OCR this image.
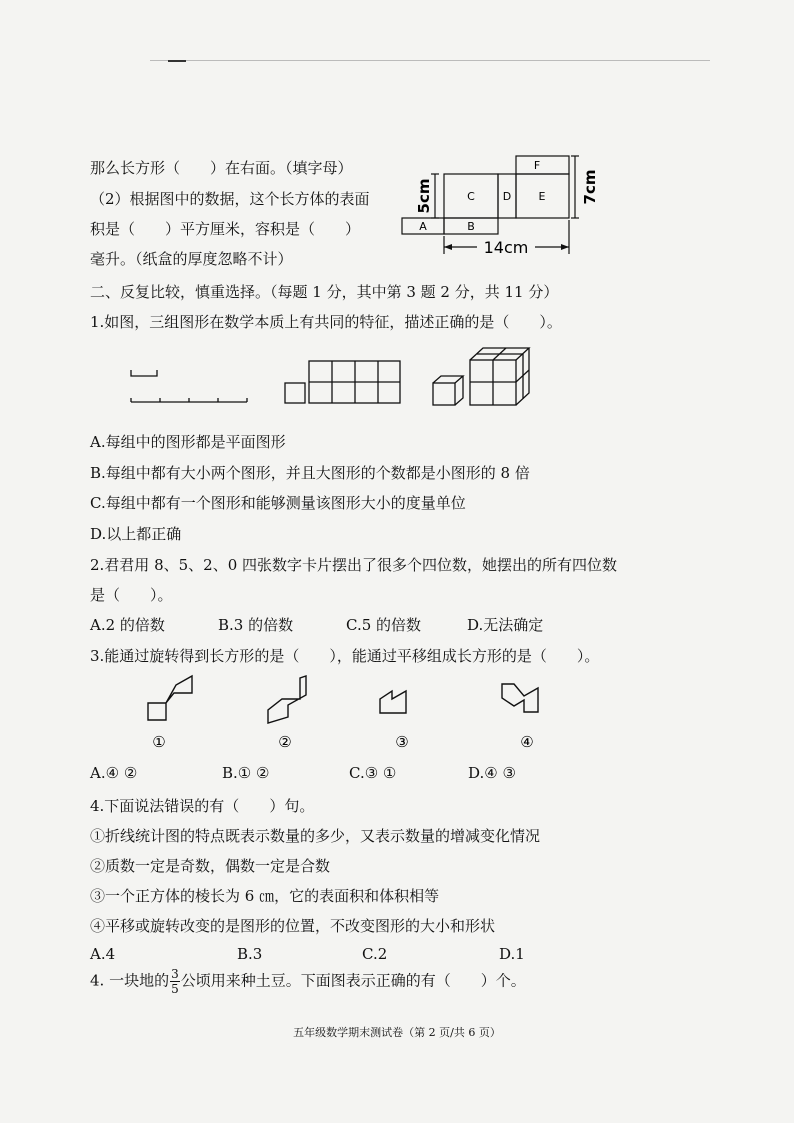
那么长方形（　　）在右面。（填字母）
（2）根据图中的数据，这个长方体的表面
积是（　　）平方厘米，容积是（　　）
毫升。（纸盒的厚度忽略不计）
F
C	D E
A	B
5cm	7cm
14cm
二、反复比较，慎重选择。（每题 1 分，其中第 3 题 2 分，共 11 分）
1.如图，三组图形在数学本质上有共同的特征，描述正确的是（　　）。
A.每组中的图形都是平面图形
B.每组中都有大小两个图形，并且大图形的个数都是小图形的 8 倍
C.每组中都有一个图形和能够测量该图形大小的度量单位
D.以上都正确
2.君君用 8、5、2、0 四张数字卡片摆出了很多个四位数，她摆出的所有四位数
是（　　）。
A.2 的倍数	B.3 的倍数	C.5 的倍数	D.无法确定
3.能通过旋转得到长方形的是（　　），能通过平移组成长方形的是（　　）。
①	②	③	④
A.④ ②	B.① ②	C.③ ①	D.④ ③
4.下面说法错误的有（　　）句。
①折线统计图的特点既表示数量的多少，又表示数量的增减变化情况
②质数一定是奇数，偶数一定是合数
③一个正方体的棱长为 6 ㎝，它的表面积和体积相等
④平移或旋转改变的是图形的位置，不改变图形的大小和形状
A.4	B.3	C.2	D.1
4. 一块地的 $\frac{3}{5}$ 公顷用来种土豆。下面图表示正确的有（　　）个。
五年级数学期末测试卷（第 2 页/共 6 页）
